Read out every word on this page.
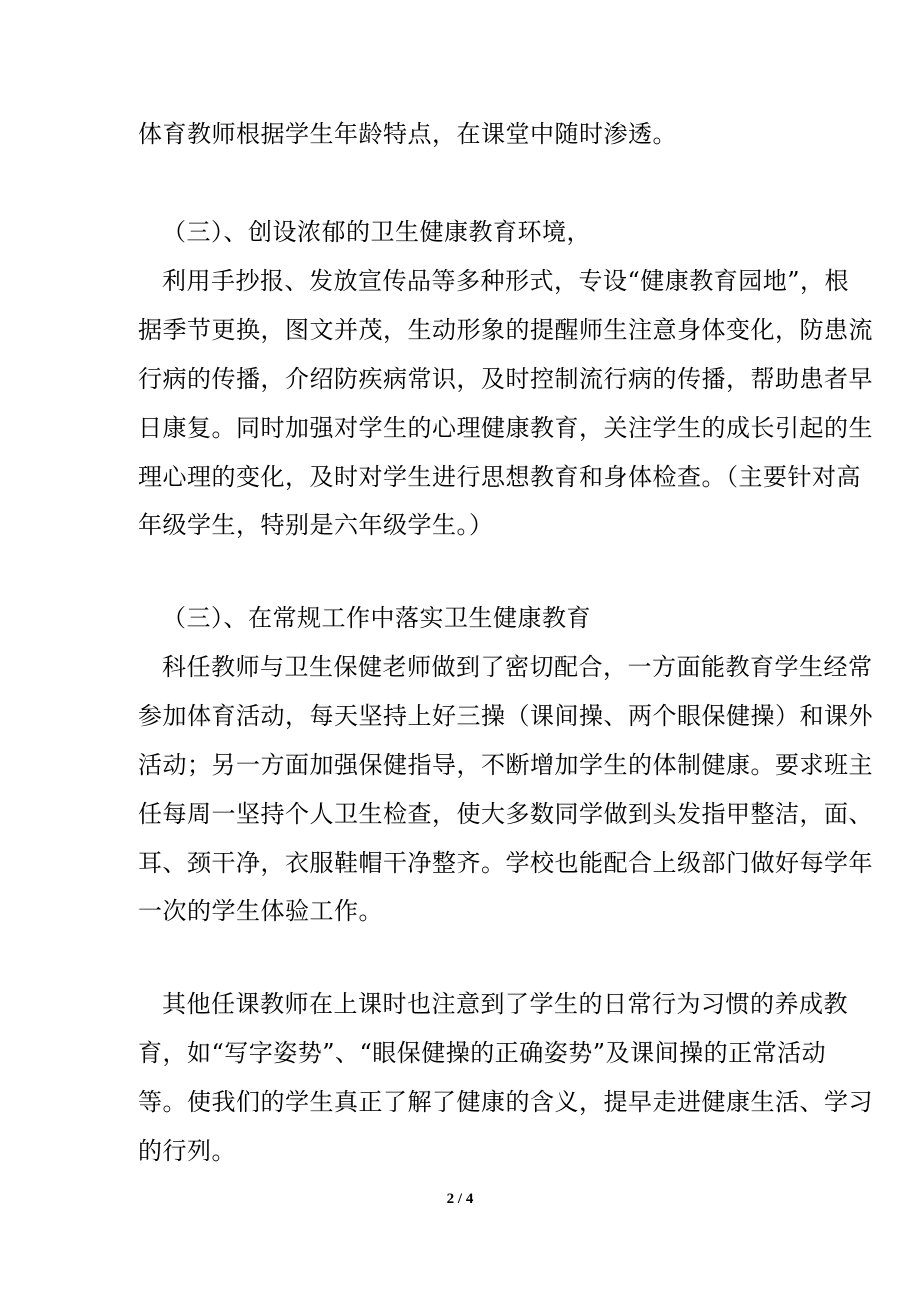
体育教师根据学生年龄特点，在课堂中随时渗透。
（三）、创设浓郁的卫生健康教育环境，
利用手抄报、发放宣传品等多种形式，专设“健康教育园地”，根
据季节更换，图文并茂，生动形象的提醒师生注意身体变化，防患流
行病的传播，介绍防疾病常识，及时控制流行病的传播，帮助患者早
日康复。同时加强对学生的心理健康教育，关注学生的成长引起的生
理心理的变化，及时对学生进行思想教育和身体检查。（主要针对高
年级学生，特别是六年级学生。）
（三）、在常规工作中落实卫生健康教育
科任教师与卫生保健老师做到了密切配合，一方面能教育学生经常
参加体育活动，每天坚持上好三操（课间操、两个眼保健操）和课外
活动；另一方面加强保健指导，不断增加学生的体制健康。要求班主
任每周一坚持个人卫生检查，使大多数同学做到头发指甲整洁，面、
耳、颈干净，衣服鞋帽干净整齐。学校也能配合上级部门做好每学年
一次的学生体验工作。
其他任课教师在上课时也注意到了学生的日常行为习惯的养成教
育，如“写字姿势”、“眼保健操的正确姿势”及课间操的正常活动
等。使我们的学生真正了解了健康的含义，提早走进健康生活、学习
的行列。
2 / 4
